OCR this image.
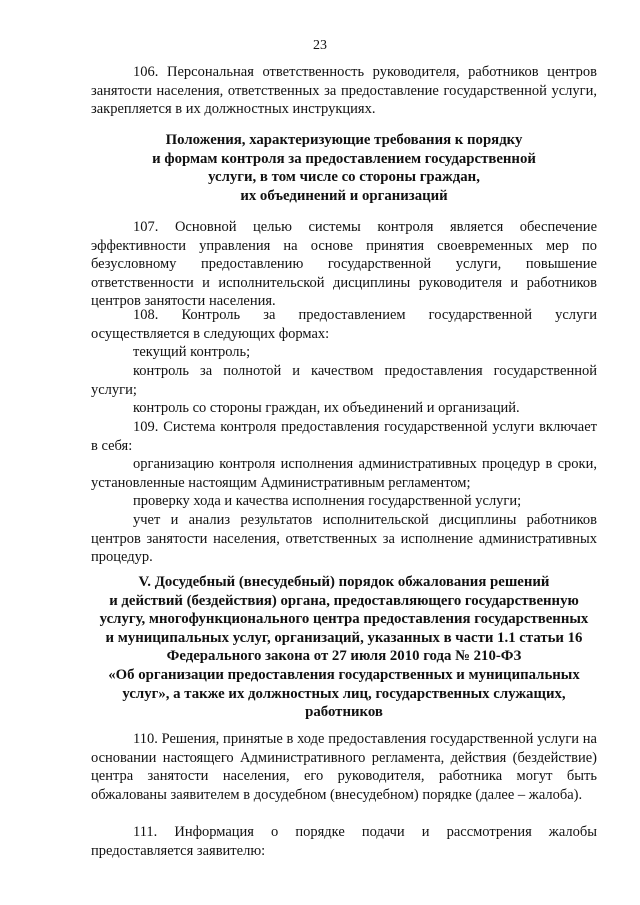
23

106. Персональная ответственность руководителя, работников центров занятости населения, ответственных за предоставление государственной услуги, закрепляется в их должностных инструкциях.

Положения, характеризующие требования к порядку
и формам контроля за предоставлением государственной
услуги, в том числе со стороны граждан,
их объединений и организаций

107. Основной целью системы контроля является обеспечение эффективности управления на основе принятия своевременных мер по безусловному предоставлению государственной услуги, повышение ответственности и исполнительской дисциплины руководителя и работников центров занятости населения.

108. Контроль за предоставлением государственной услуги осуществляется в следующих формах:

текущий контроль;

контроль за полнотой и качеством предоставления государственной услуги;

контроль со стороны граждан, их объединений и организаций.

109. Система контроля предоставления государственной услуги включает в себя:

организацию контроля исполнения административных процедур в сроки, установленные настоящим Административным регламентом;

проверку хода и качества исполнения государственной услуги;

учет и анализ результатов исполнительской дисциплины работников центров занятости населения, ответственных за исполнение административных процедур.

V. Досудебный (внесудебный) порядок обжалования решений
и действий (бездействия) органа, предоставляющего государственную
услугу, многофункционального центра предоставления государственных
и муниципальных услуг, организаций, указанных в части 1.1 статьи 16
Федерального закона от 27 июля 2010 года № 210-ФЗ
«Об организации предоставления государственных и муниципальных
услуг», а также их должностных лиц, государственных служащих,
работников

110. Решения, принятые в ходе предоставления государственной услуги на основании настоящего Административного регламента, действия (бездействие) центра занятости населения, его руководителя, работника могут быть обжалованы заявителем в досудебном (внесудебном) порядке (далее – жалоба).

111. Информация о порядке подачи и рассмотрения жалобы предоставляется заявителю:
